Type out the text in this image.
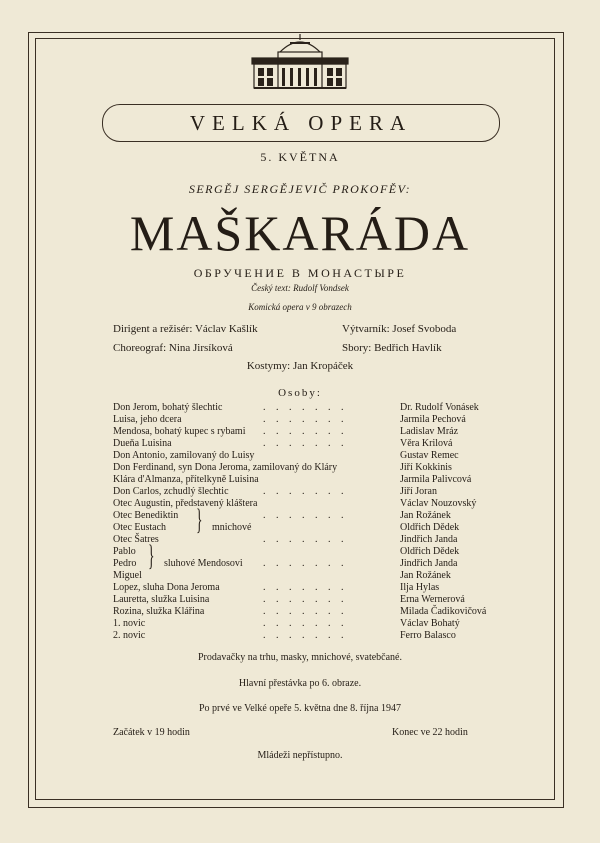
VELKÁ OPERA
5. KVĚTNA
SERGĚJ SERGĚJEVIČ PROKOFĚV:
MAŠKARÁDA
ОБРУЧЕНИЕ В МОНАСТЫРЕ
Český text: Rudolf Vondsek
Komická opera v 9 obrazech
Dirigent a režisér: Václav Kašlík	Výtvarník: Josef Svoboda
Choreograf: Nina Jirsíková	Sbory: Bedřich Havlík
Kostymy: Jan Kropáček
Osoby:
Don Jerom, bohatý šlechtic	. . . . . . .	Dr. Rudolf Vonásek
Luisa, jeho dcera	. . . . . . .	Jarmila Pechová
Mendosa, bohatý kupec s rybami . . . . . . .	Ladislav Mráz
Dueňa Luisina	. . . . . . .	Věra Krilová
Don Antonio, zamilovaný do Luisy	Gustav Remec
Don Ferdinand, syn Dona Jeroma, zamilovaný do Kláry	Jiří Kokkinis
Klára d'Almanza, přítelkyně Luisina	Jarmila Palivcová
Don Carlos, zchudlý šlechtic	. . . . . . .	Jiří Joran
Otec Augustin, představený kláštera	Václav Nouzovský
Otec Benediktin	. . . . . . .	Jan Rožánek
Otec Eustach	Oldřich Dědek
Otec Šatres	. . . . . . .	Jindřich Janda
} mnichové
Pablo	Oldřich Dědek
Pedro	. . . . . . .	Jindřich Janda
Miguel	Jan Rožánek
} sluhové Mendosovi
Lopez, sluha Dona Jeroma	. . . . . . .	Ilja Hylas
Lauretta, služka Luisina	. . . . . . .	Erna Wernerová
Rozina, služka Klářina	. . . . . . .	Milada Čadikovičová
1. novic	. . . . . . .	Václav Bohatý
2. novic	. . . . . . .	Ferro Balasco
Prodavačky na trhu, masky, mnichové, svatebčané.
Hlavní přestávka po 6. obraze.
Po prvé ve Velké opeře 5. května dne 8. října 1947
Začátek v 19 hodin	Konec ve 22 hodin
Mládeži nepřístupno.
